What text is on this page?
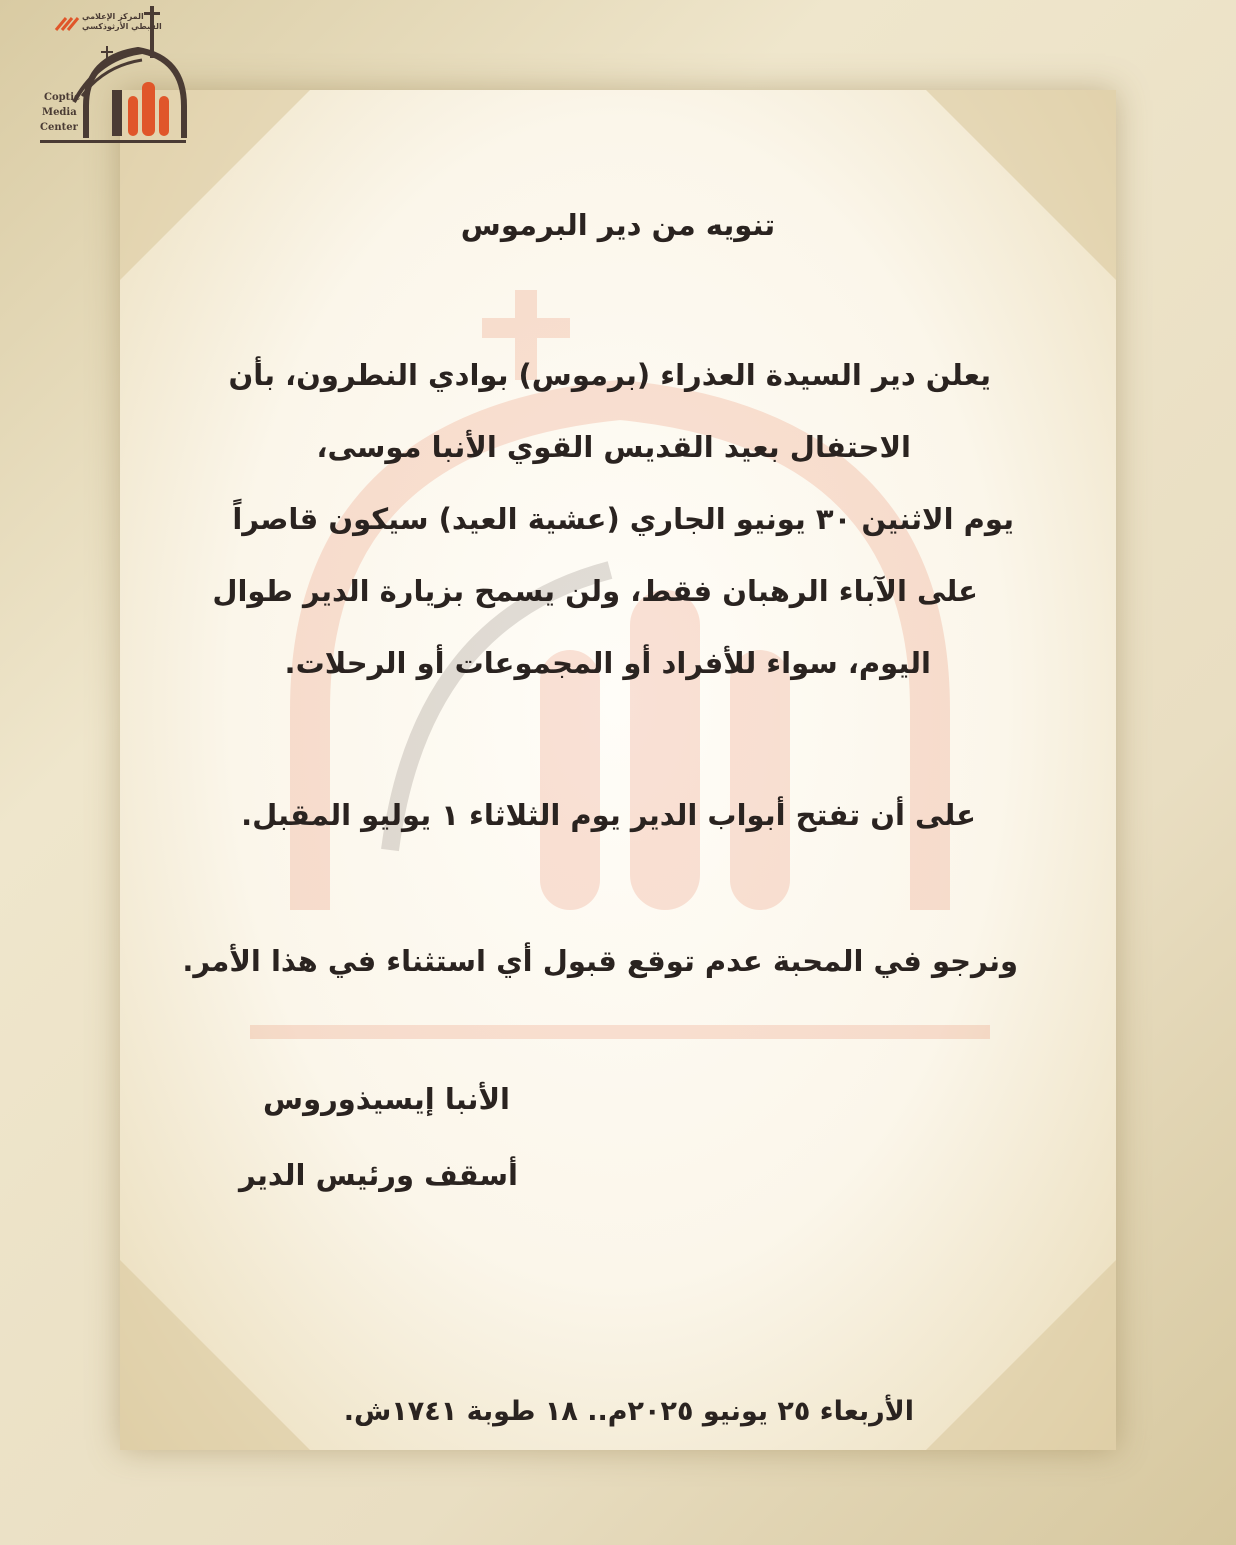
المركز الإعلامي
القبطي الأرثوذكسي
Coptic
Media
Center
تنويه من دير البرموس
يعلن دير السيدة العذراء (برموس) بوادي النطرون، بأن
الاحتفال بعيد القديس القوي الأنبا موسى،
يوم الاثنين ٣٠ يونيو الجاري (عشية العيد) سيكون قاصراً
على الآباء الرهبان فقط، ولن يسمح بزيارة الدير طوال
اليوم، سواء للأفراد أو المجموعات أو الرحلات.
على أن تفتح أبواب الدير يوم الثلاثاء ١ يوليو المقبل.
ونرجو في المحبة عدم توقع قبول أي استثناء في هذا الأمر.
الأنبا إيسيذوروس
أسقف ورئيس الدير
الأربعاء ٢٥ يونيو ٢٠٢٥م.. ١٨ طوبة ١٧٤١ش.
